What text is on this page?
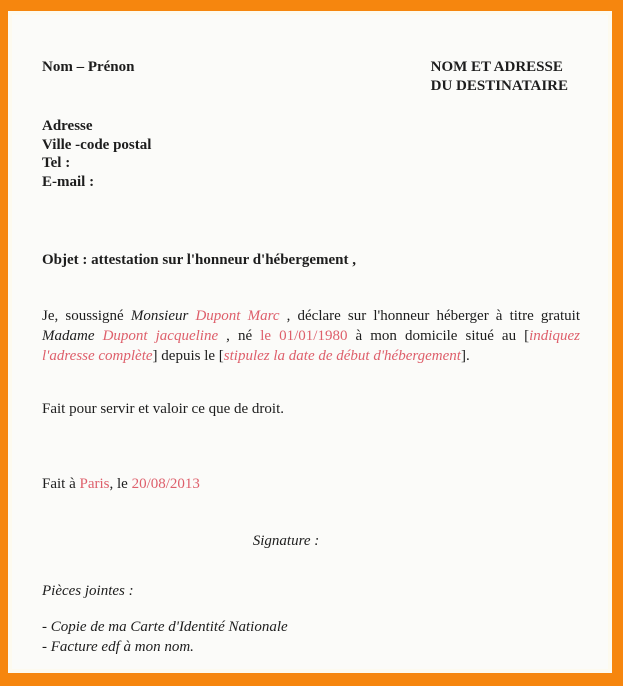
Nom – Prénon	NOM ET ADRESSE
DU DESTINATAIRE
Adresse
Ville -code postal
Tel :
E-mail :
Objet : attestation sur l'honneur d'hébergement ,

Je, soussigné Monsieur Dupont Marc , déclare sur l'honneur héberger à titre gratuit Madame Dupont jacqueline , né le 01/01/1980 à mon domicile situé au [indiquez l'adresse complète] depuis le [stipulez la date de début d'hébergement].

Fait pour servir et valoir ce que de droit.
Fait à Paris, le 20/08/2013
Signature :
Pièces jointes :
- Copie de ma Carte d'Identité Nationale
- Facture edf à mon nom.
